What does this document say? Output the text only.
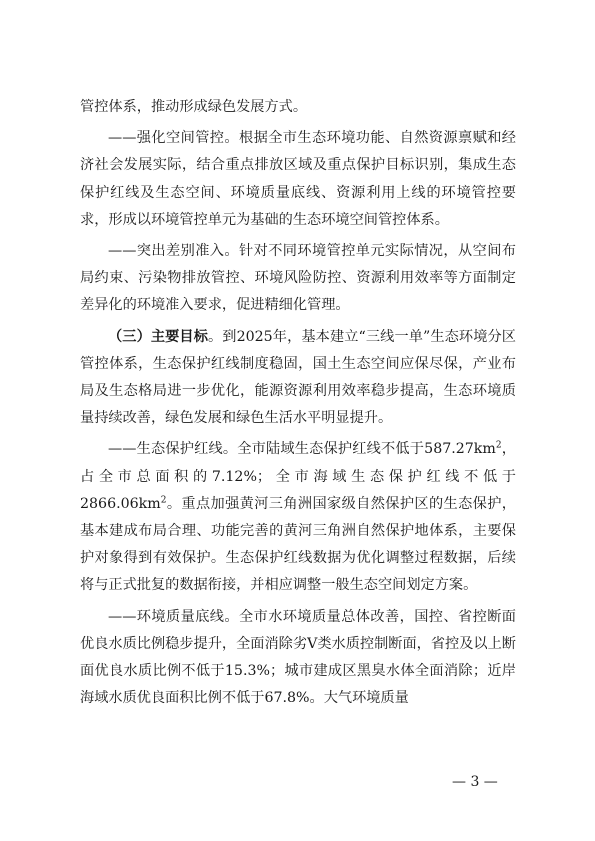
管控体系，推动形成绿色发展方式。

——强化空间管控。根据全市生态环境功能、自然资源禀赋和经济社会发展实际，结合重点排放区域及重点保护目标识别，集成生态保护红线及生态空间、环境质量底线、资源利用上线的环境管控要求，形成以环境管控单元为基础的生态环境空间管控体系。

——突出差别准入。针对不同环境管控单元实际情况，从空间布局约束、污染物排放管控、环境风险防控、资源利用效率等方面制定差异化的环境准入要求，促进精细化管理。

（三）主要目标。到2025年，基本建立“三线一单”生态环境分区管控体系，生态保护红线制度稳固，国土生态空间应保尽保，产业布局及生态格局进一步优化，能源资源利用效率稳步提高，生态环境质量持续改善，绿色发展和绿色生活水平明显提升。

——生态保护红线。全市陆域生态保护红线不低于$587.27km^2$，占全市总面积的7.12%；全市海域生态保护红线不低于$2866.06km^2$。重点加强黄河三角洲国家级自然保护区的生态保护，基本建成布局合理、功能完善的黄河三角洲自然保护地体系，主要保护对象得到有效保护。生态保护红线数据为优化调整过程数据，后续将与正式批复的数据衔接，并相应调整一般生态空间划定方案。

——环境质量底线。全市水环境质量总体改善，国控、省控断面优良水质比例稳步提升，全面消除劣Ⅴ类水质控制断面，省控及以上断面优良水质比例不低于15.3%；城市建成区黑臭水体全面消除；近岸海域水质优良面积比例不低于67.8%。大气环境质量

— 3 —
